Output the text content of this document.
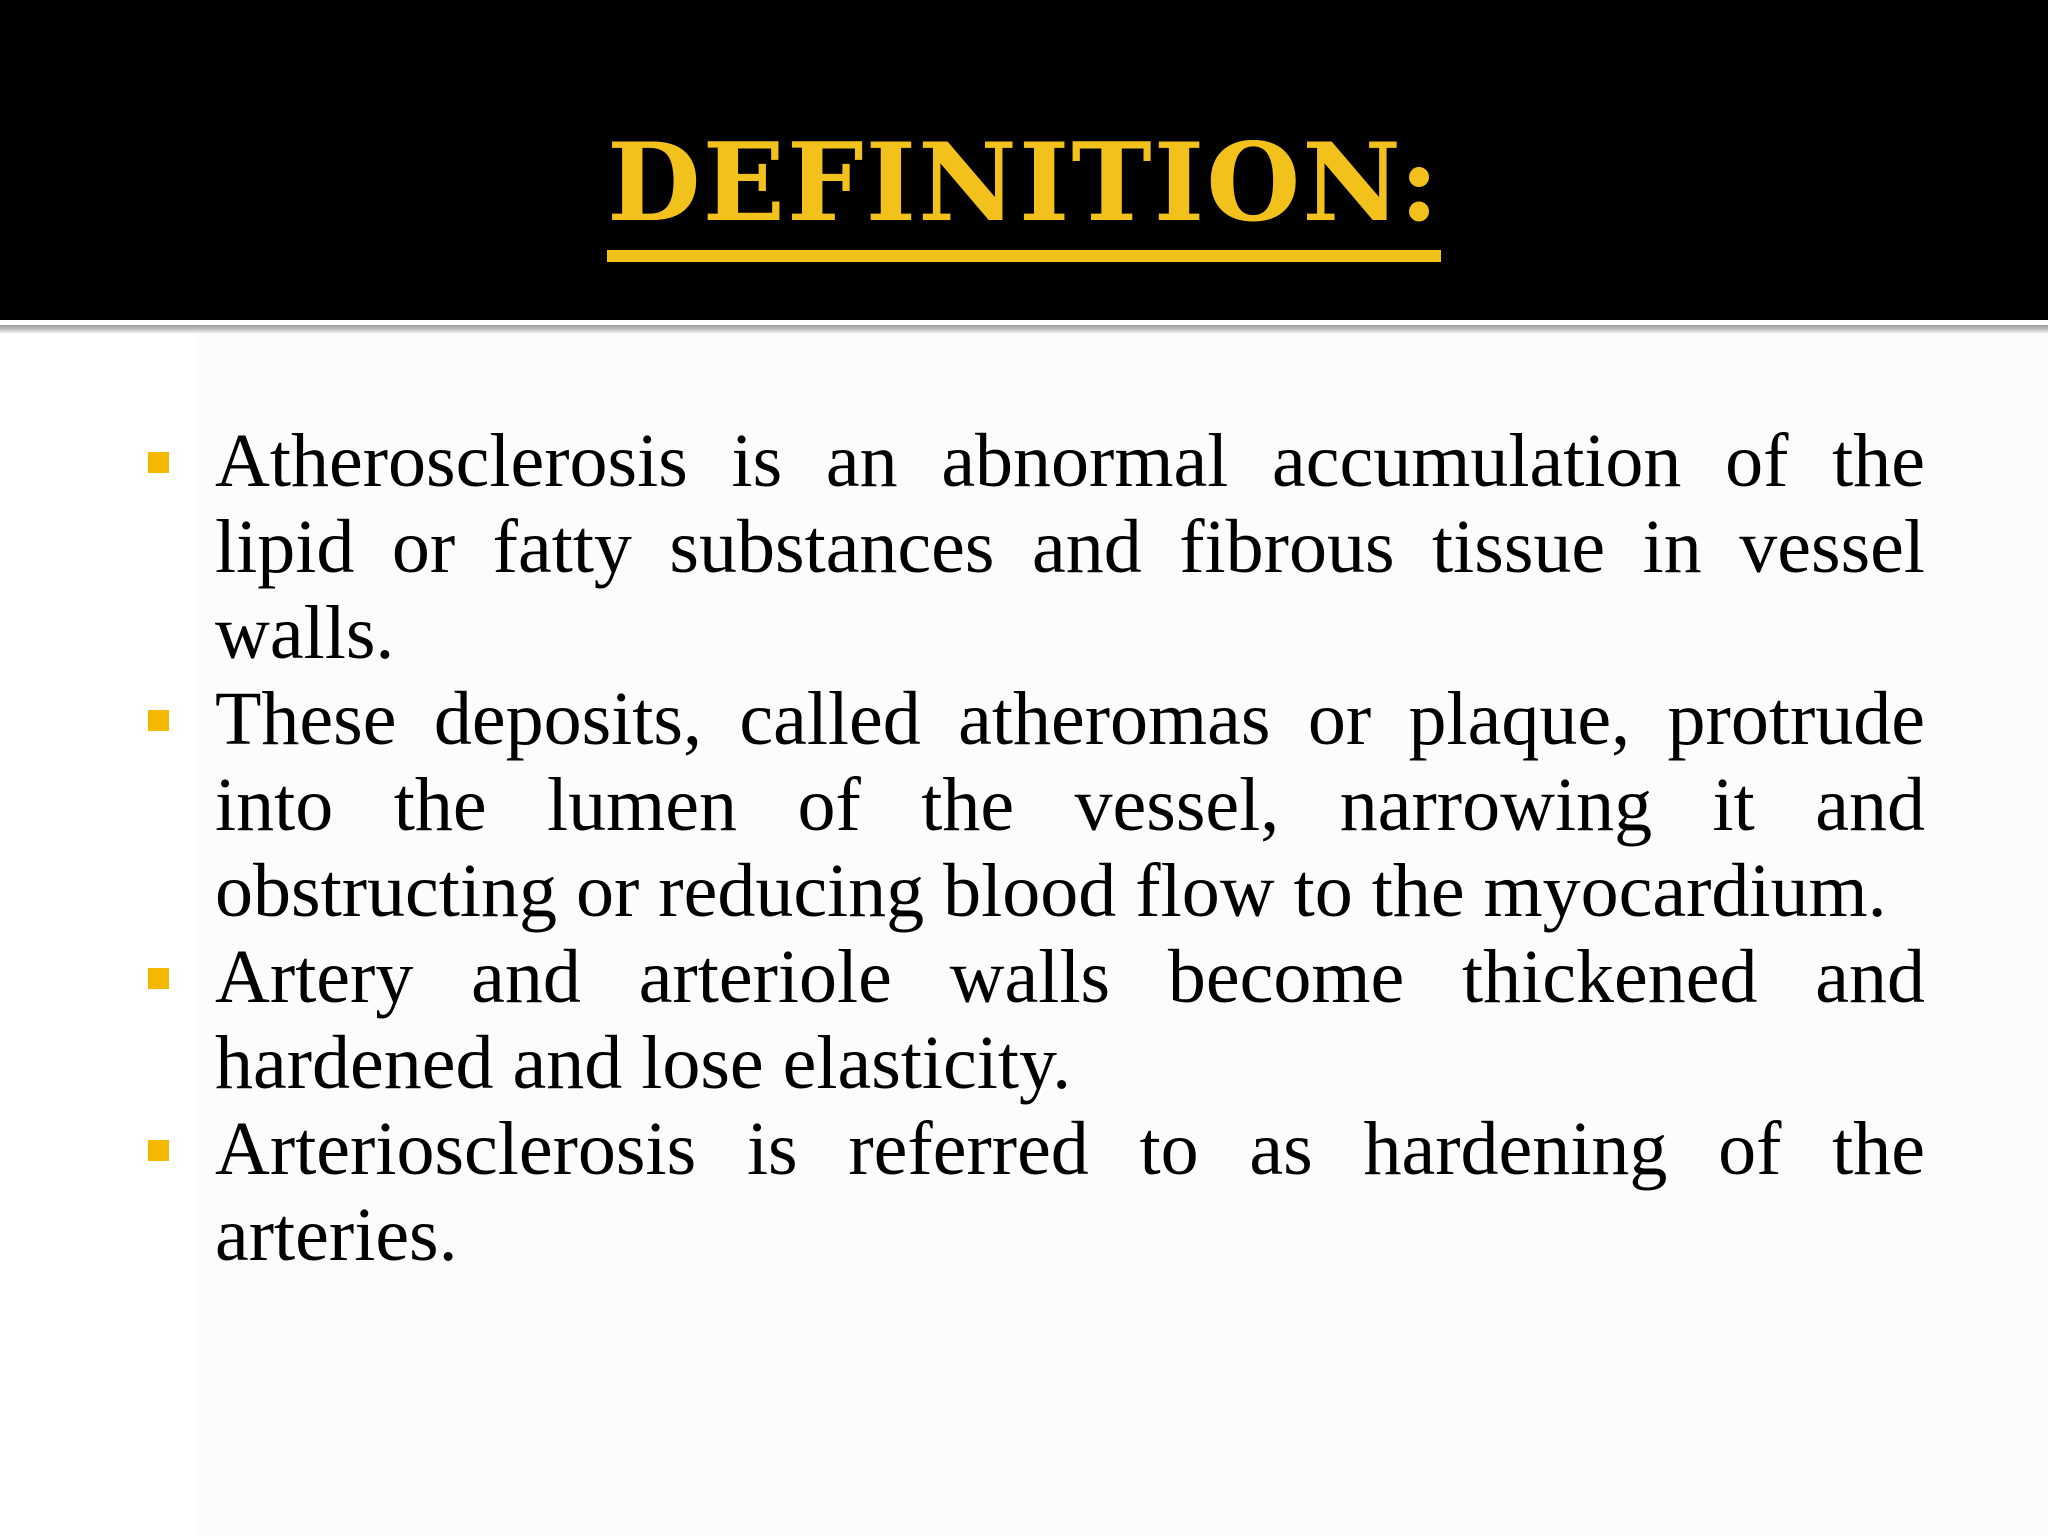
DEFINITION:
Atherosclerosis is an abnormal accumulation of the lipid or fatty substances and fibrous tissue in vessel walls.
These deposits, called atheromas or plaque, protrude into the lumen of the vessel, narrowing it and obstructing or reducing blood flow to the myocardium.
Artery and arteriole walls become thickened and hardened and lose elasticity.
Arteriosclerosis is referred to as hardening of the arteries.
